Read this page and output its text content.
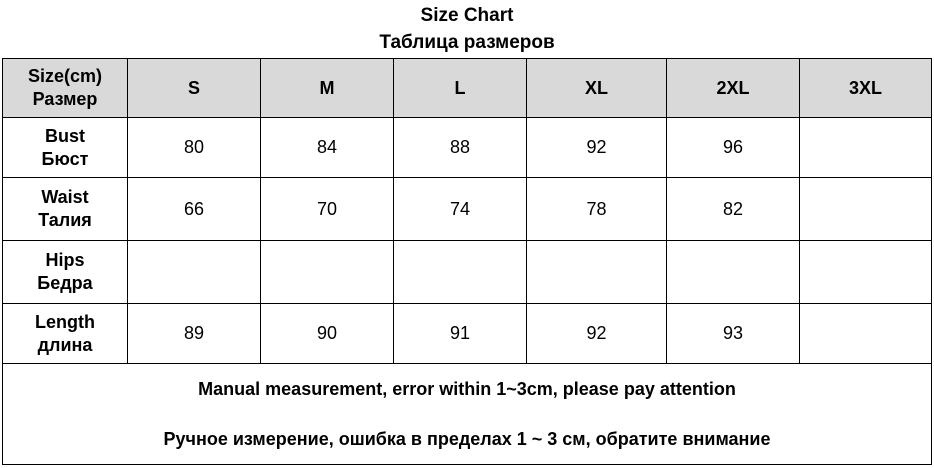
Size Chart
Таблица размеров
Size(cm)
Размер	S	M	L	XL	2XL	3XL
Bust
Бюст	80	84	88	92	96	
Waist
Талия	66	70	74	78	82	
Hips
Бедра						
Length
длина	89	90	91	92	93	

Manual measurement, error within 1~3cm, please pay attention
Ручное измерение, ошибка в пределах 1 ~ 3 см, обратите внимание						
